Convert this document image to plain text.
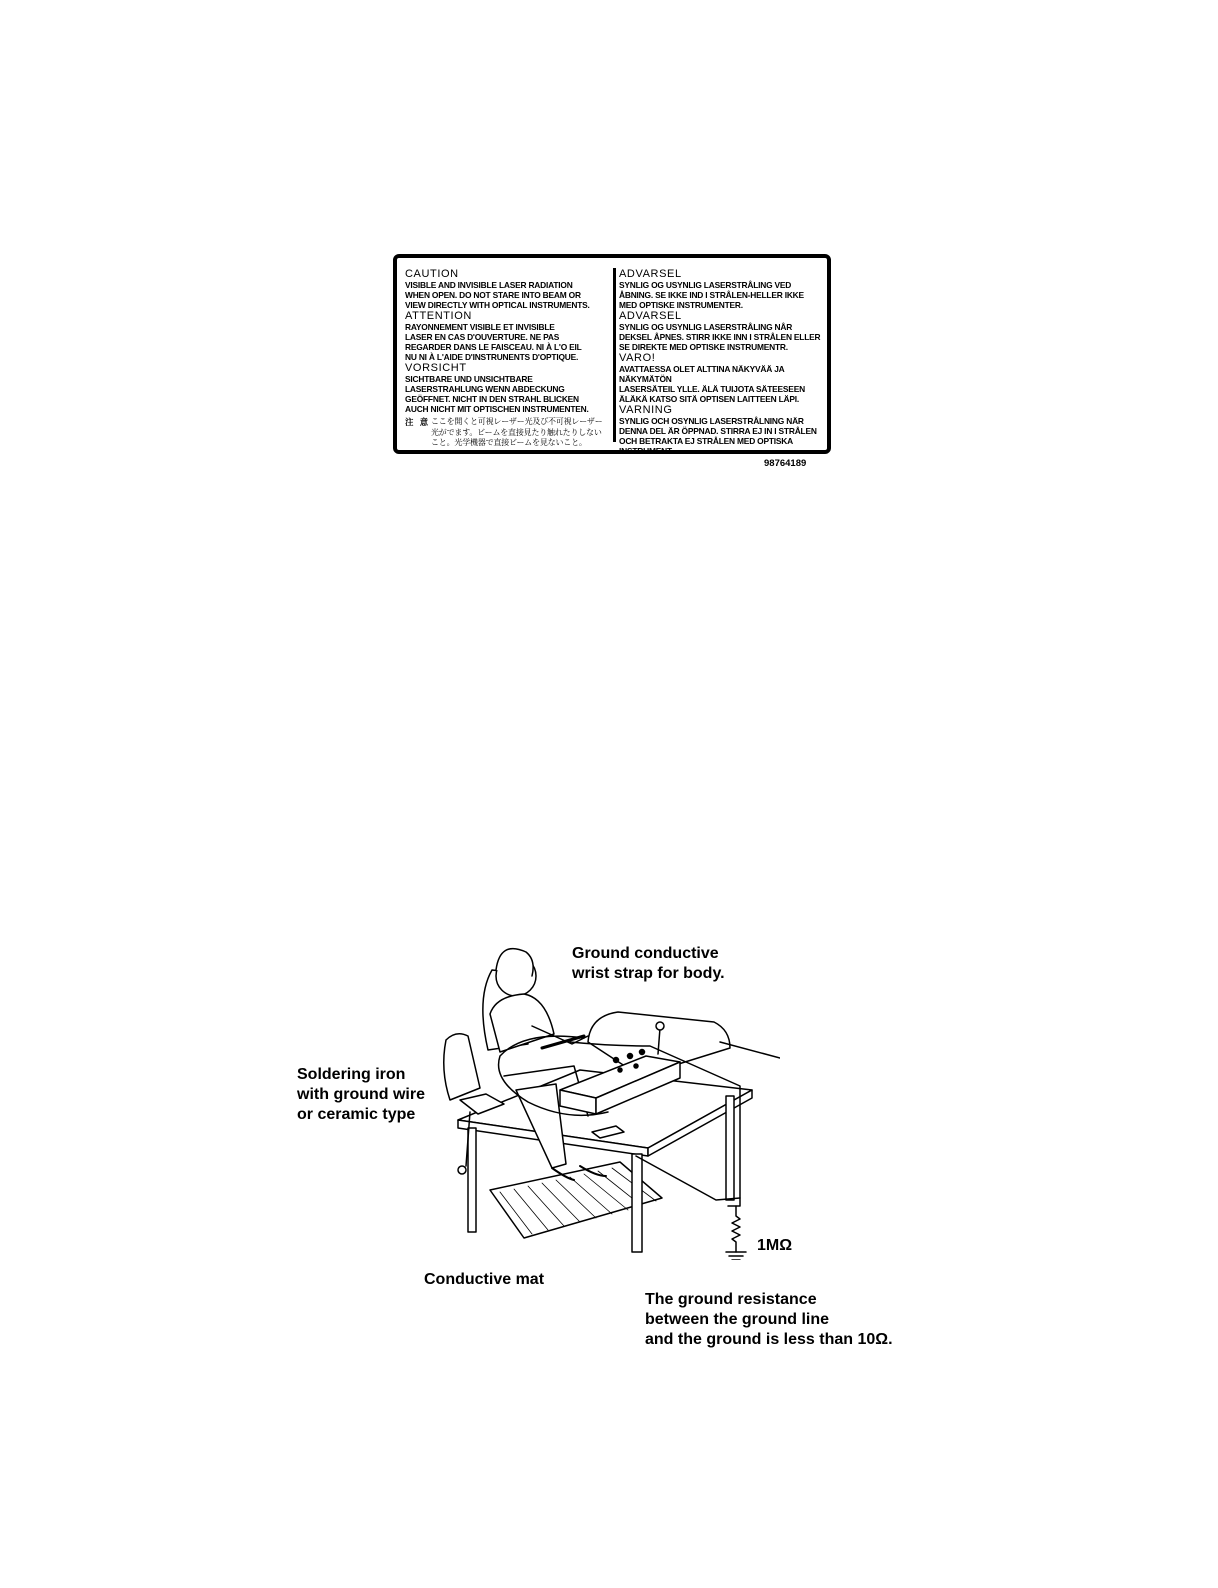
CAUTION
VISIBLE AND INVISIBLE LASER RADIATION
WHEN OPEN. DO NOT STARE INTO BEAM OR
VIEW DIRECTLY WITH OPTICAL INSTRUMENTS.
ATTENTION
RAYONNEMENT VISIBLE ET INVISIBLE
LASER EN CAS D'OUVERTURE. NE PAS
REGARDER DANS LE FAISCEAU. NI À L'O EIL
NU NI À L'AIDE D'INSTRUNENTS D'OPTIQUE.
VORSICHT
SICHTBARE UND UNSICHTBARE
LASERSTRAHLUNG WENN ABDECKUNG
GEÖFFNET. NICHT IN DEN STRAHL BLICKEN
AUCH NICHT MIT OPTISCHEN INSTRUMENTEN.
注 意 ここを開くと可視レーザー光及び不可視レーザー
光がでます。ビームを直接見たり触れたりしない
こと。光学機器で直接ビームを見ないこと。
ADVARSEL
SYNLIG OG USYNLIG LASERSTRÅLING VED
ÅBNING. SE IKKE IND I STRÅLEN-HELLER IKKE
MED OPTISKE INSTRUMENTER.
ADVARSEL
SYNLIG OG USYNLIG LASERSTRÅLING NÅR
DEKSEL ÅPNES. STIRR IKKE INN I STRÅLEN ELLER
SE DIREKTE MED OPTISKE INSTRUMENTR.
VARO!
AVATTAESSA OLET ALTTINA NÄKYVÄÄ JA NÄKYMÄTÖN
LASERSÄTEIL YLLE. ÄLÄ TUIJOTA SÄTEESEEN
ÄLÄKÄ KATSO SITÄ OPTISEN LAITTEEN LÄPI.
VARNING
SYNLIG OCH OSYNLIG LASERSTRÅLNING NÄR
DENNA DEL ÄR ÖPPNAD. STIRRA EJ IN I STRÅLEN
OCH BETRAKTA EJ STRÅLEN MED OPTISKA
INSTRUMENT.
98764189
Ground conductive
wrist strap for body.
Soldering iron
with ground wire
or ceramic type
1MΩ
Conductive mat
The ground resistance
between the ground line
and the ground is less than 10Ω.
